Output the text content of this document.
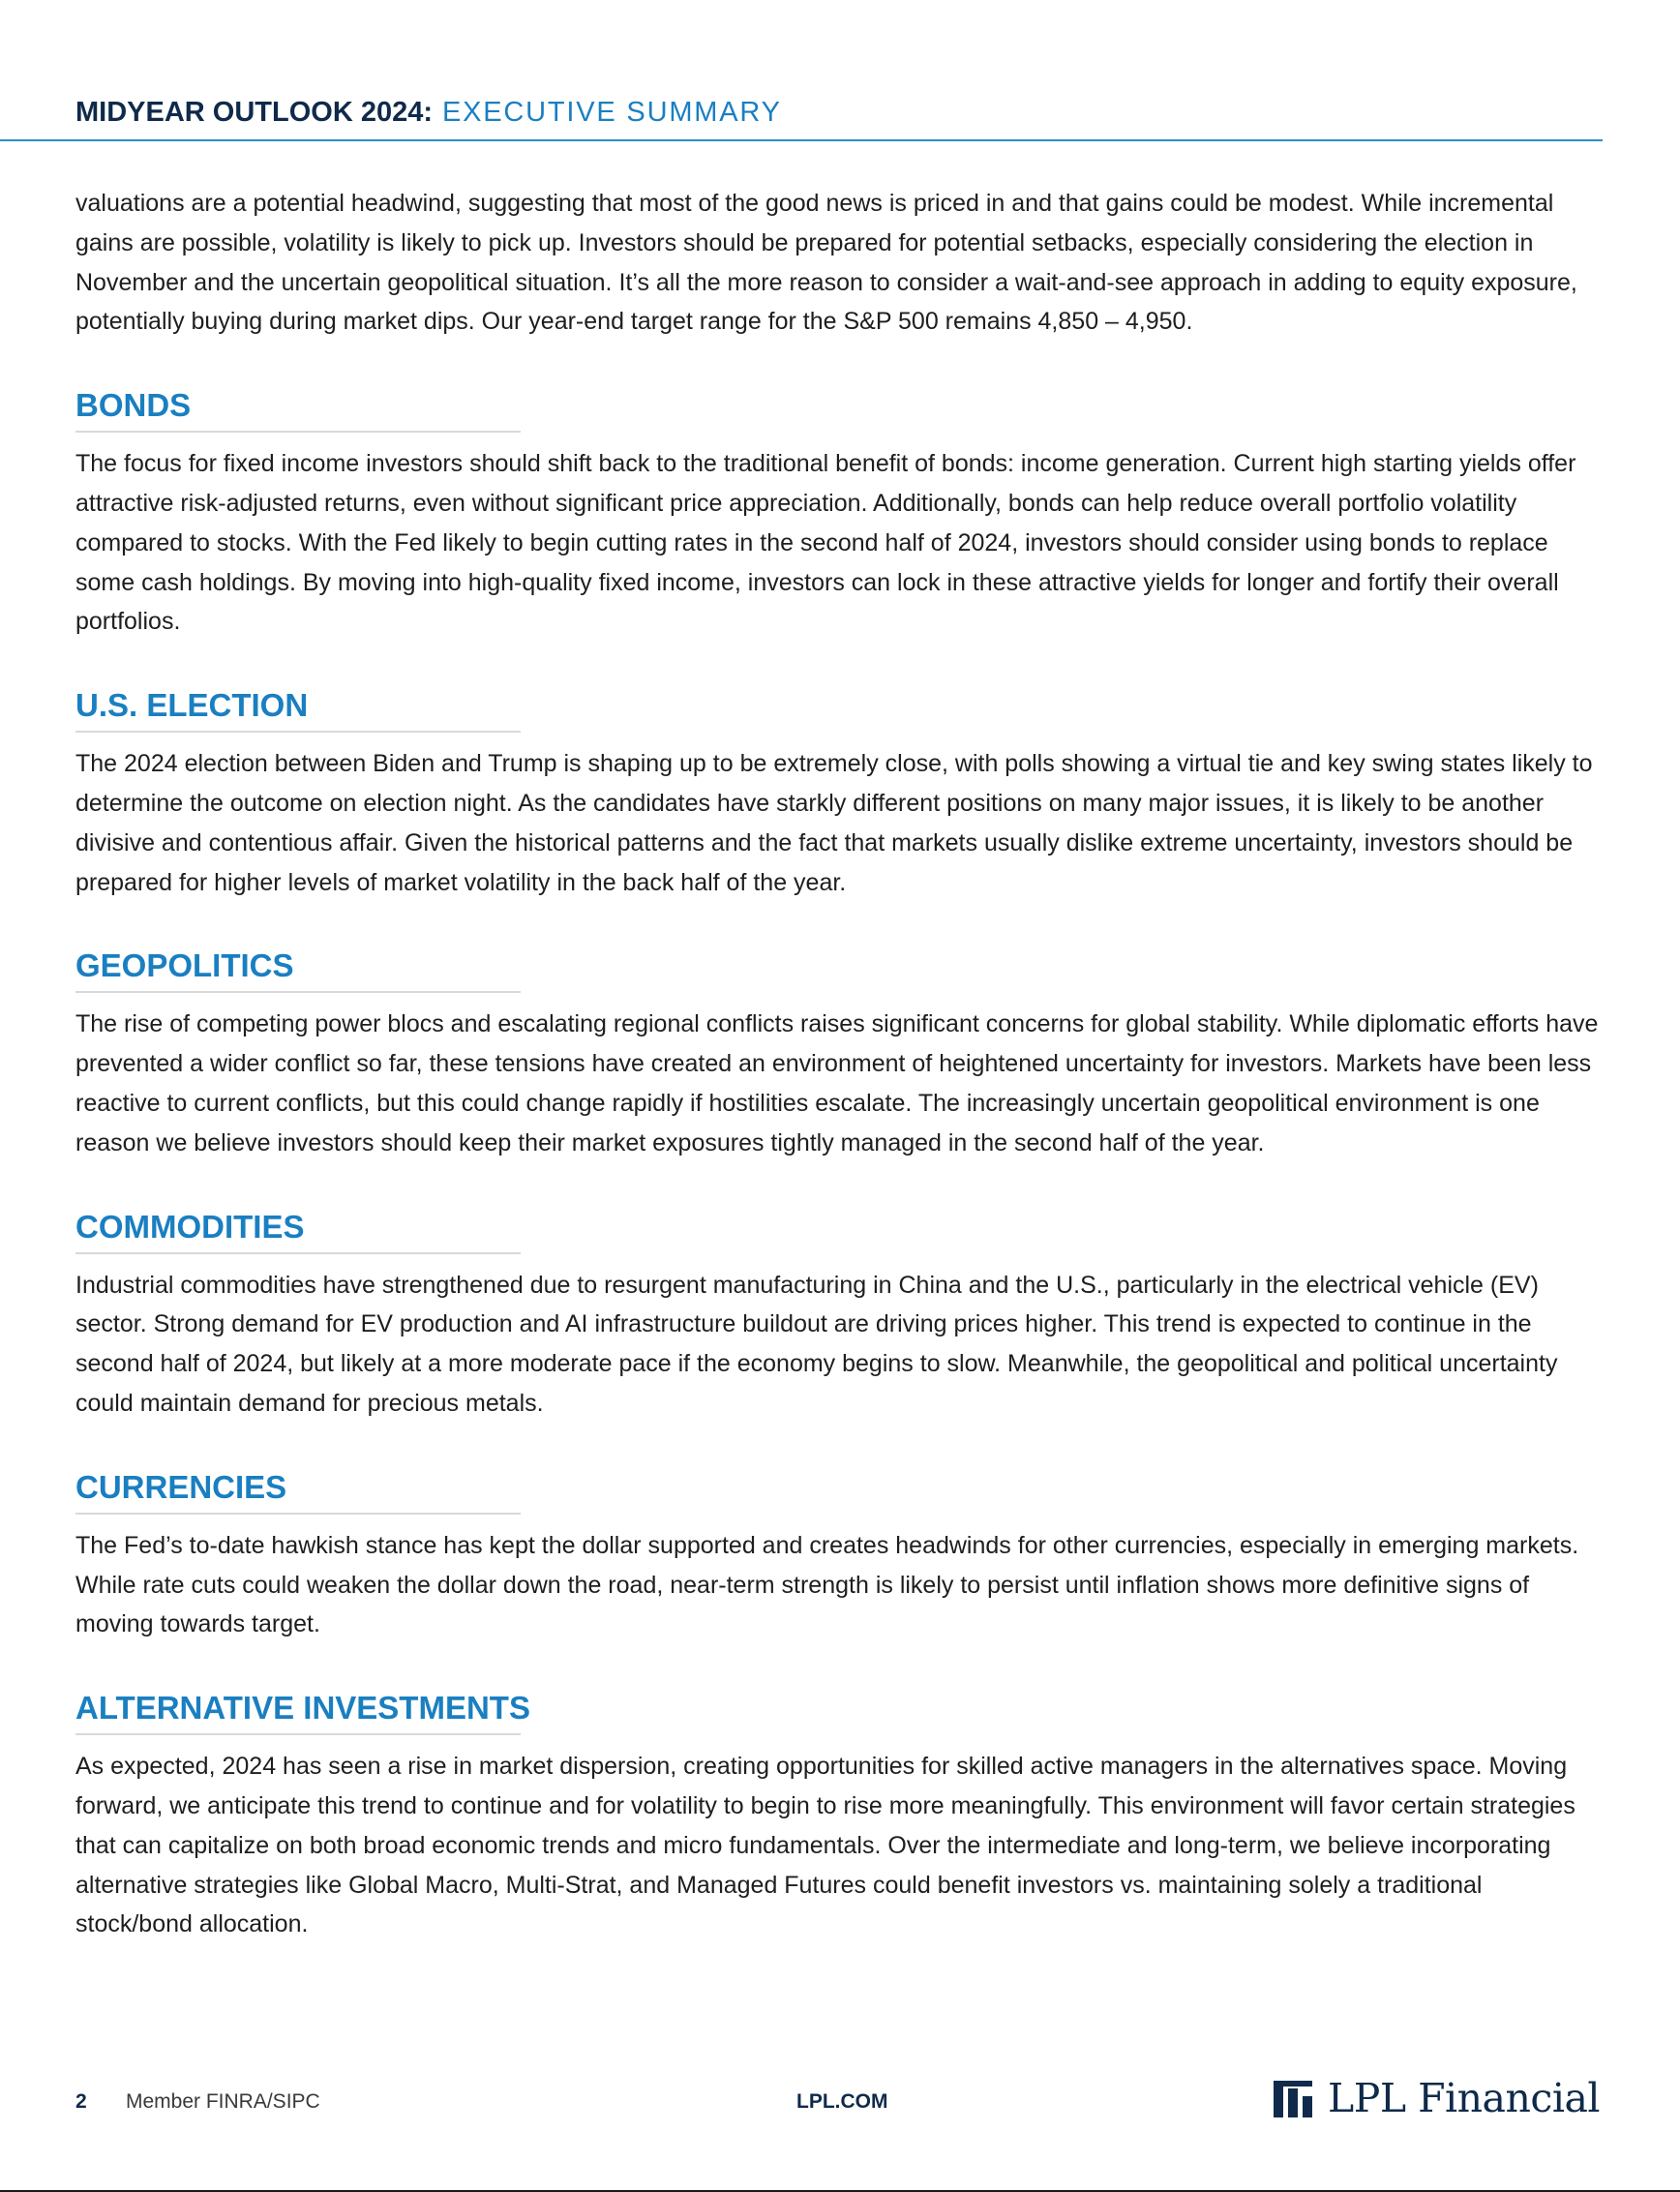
MIDYEAR OUTLOOK 2024: EXECUTIVE SUMMARY

valuations are a potential headwind, suggesting that most of the good news is priced in and that gains could be modest. While incremental gains are possible, volatility is likely to pick up. Investors should be prepared for potential setbacks, especially considering the election in November and the uncertain geopolitical situation. It’s all the more reason to consider a wait-and-see approach in adding to equity exposure, potentially buying during market dips. Our year-end target range for the S&P 500 remains 4,850 – 4,950.

BONDS

The focus for fixed income investors should shift back to the traditional benefit of bonds: income generation. Current high starting yields offer attractive risk-adjusted returns, even without significant price appreciation. Additionally, bonds can help reduce overall portfolio volatility compared to stocks. With the Fed likely to begin cutting rates in the second half of 2024, investors should consider using bonds to replace some cash holdings. By moving into high-quality fixed income, investors can lock in these attractive yields for longer and fortify their overall portfolios.

U.S. ELECTION

The 2024 election between Biden and Trump is shaping up to be extremely close, with polls showing a virtual tie and key swing states likely to determine the outcome on election night. As the candidates have starkly different positions on many major issues, it is likely to be another divisive and contentious affair. Given the historical patterns and the fact that markets usually dislike extreme uncertainty, investors should be prepared for higher levels of market volatility in the back half of the year.

GEOPOLITICS

The rise of competing power blocs and escalating regional conflicts raises significant concerns for global stability. While diplomatic efforts have prevented a wider conflict so far, these tensions have created an environment of heightened uncertainty for investors. Markets have been less reactive to current conflicts, but this could change rapidly if hostilities escalate. The increasingly uncertain geopolitical environment is one reason we believe investors should keep their market exposures tightly managed in the second half of the year.

COMMODITIES

Industrial commodities have strengthened due to resurgent manufacturing in China and the U.S., particularly in the electrical vehicle (EV) sector. Strong demand for EV production and AI infrastructure buildout are driving prices higher. This trend is expected to continue in the second half of 2024, but likely at a more moderate pace if the economy begins to slow. Meanwhile, the geopolitical and political uncertainty could maintain demand for precious metals.

CURRENCIES

The Fed’s to-date hawkish stance has kept the dollar supported and creates headwinds for other currencies, especially in emerging markets. While rate cuts could weaken the dollar down the road, near-term strength is likely to persist until inflation shows more definitive signs of moving towards target.

ALTERNATIVE INVESTMENTS

As expected, 2024 has seen a rise in market dispersion, creating opportunities for skilled active managers in the alternatives space. Moving forward, we anticipate this trend to continue and for volatility to begin to rise more meaningfully. This environment will favor certain strategies that can capitalize on both broad economic trends and micro fundamentals. Over the intermediate and long-term, we believe incorporating alternative strategies like Global Macro, Multi-Strat, and Managed Futures could benefit investors vs. maintaining solely a traditional stock/bond allocation.

2 Member FINRA/SIPC	LPL.COM	LPL Financial
